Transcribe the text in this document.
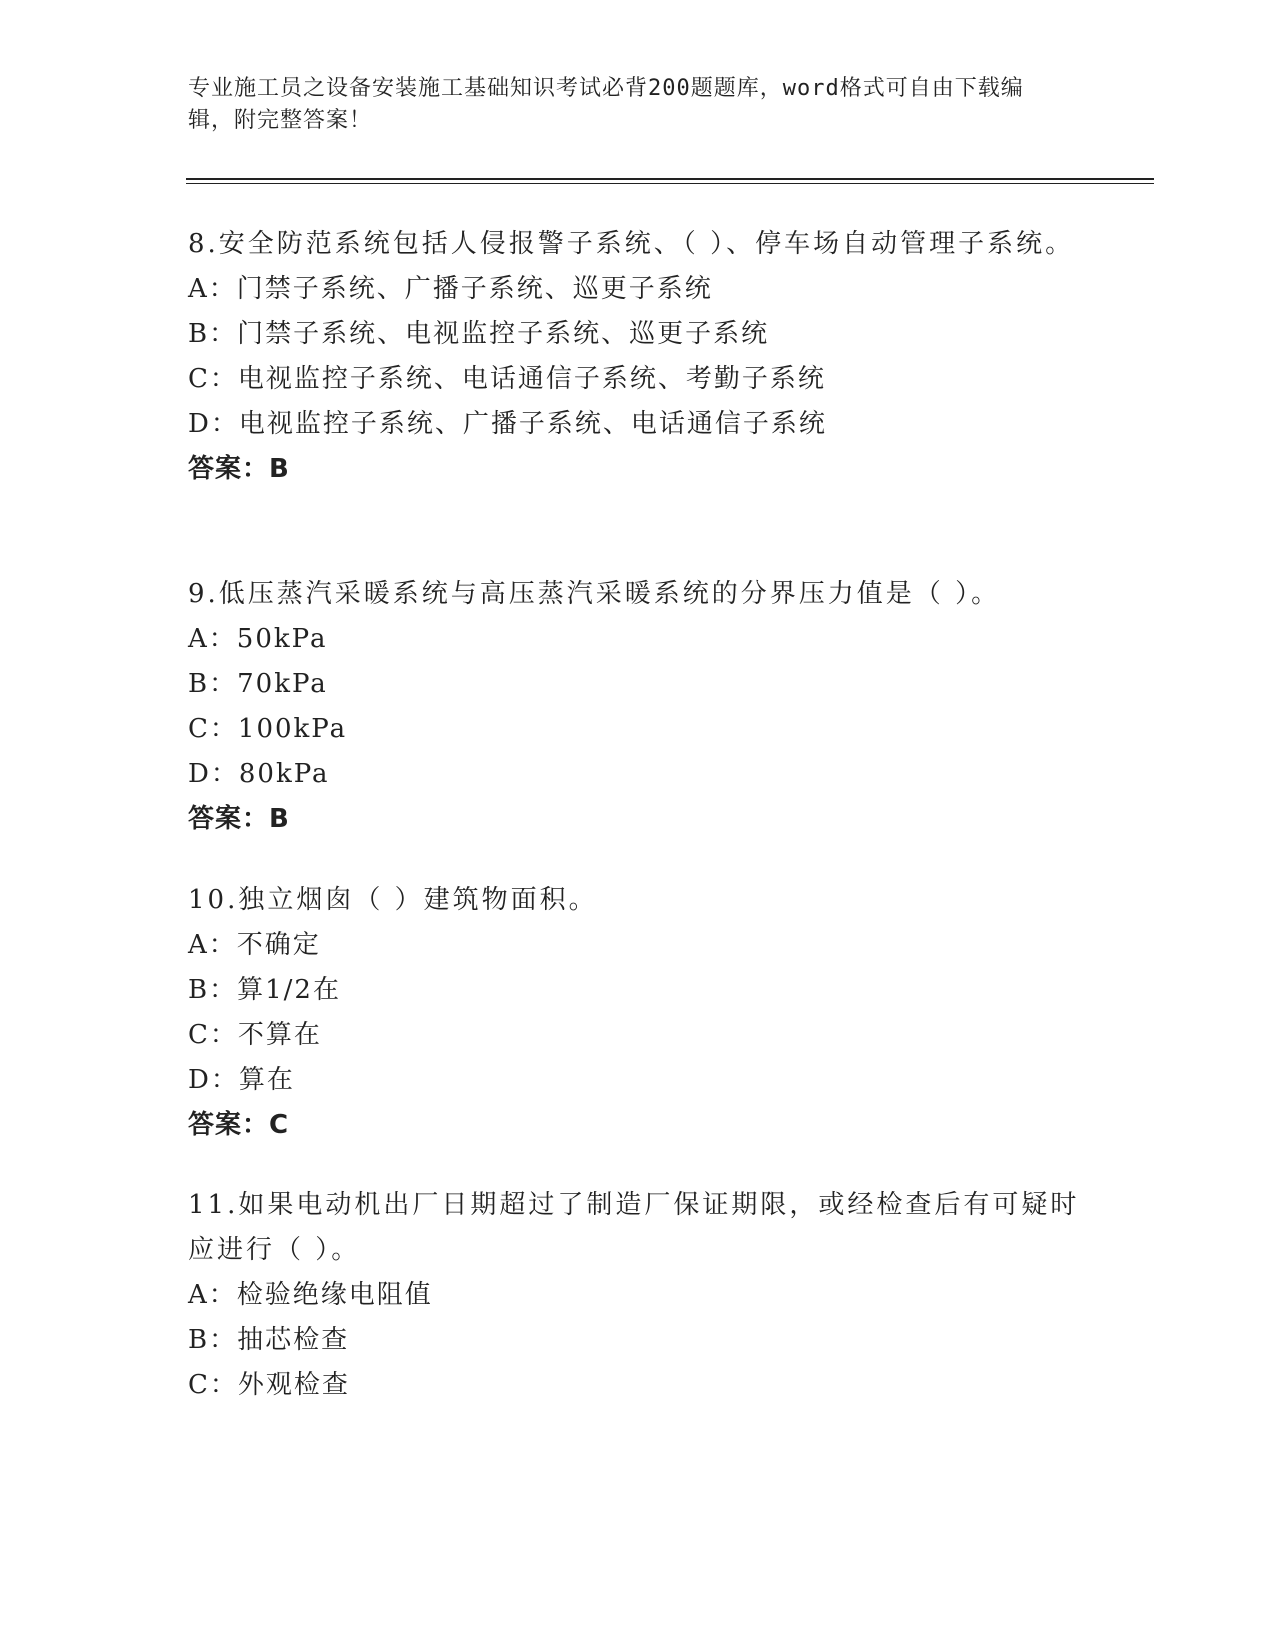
专业施工员之设备安装施工基础知识考试必背200题题库，word格式可自由下载编辑，附完整答案！

8.安全防范系统包括人侵报警子系统、（ ）、停车场自动管理子系统。

A：门禁子系统、广播子系统、巡更子系统

B：门禁子系统、电视监控子系统、巡更子系统

C：电视监控子系统、电话通信子系统、考勤子系统

D：电视监控子系统、广播子系统、电话通信子系统

答案：B

9.低压蒸汽采暖系统与高压蒸汽采暖系统的分界压力值是（ ）。

A：50kPa

B：70kPa

C：100kPa

D：80kPa

答案：B

10.独立烟囱（ ）建筑物面积。

A：不确定

B：算1/2在

C：不算在

D：算在

答案：C

11.如果电动机出厂日期超过了制造厂保证期限，或经检查后有可疑时应进行（ ）。

A：检验绝缘电阻值

B：抽芯检查

C：外观检查
